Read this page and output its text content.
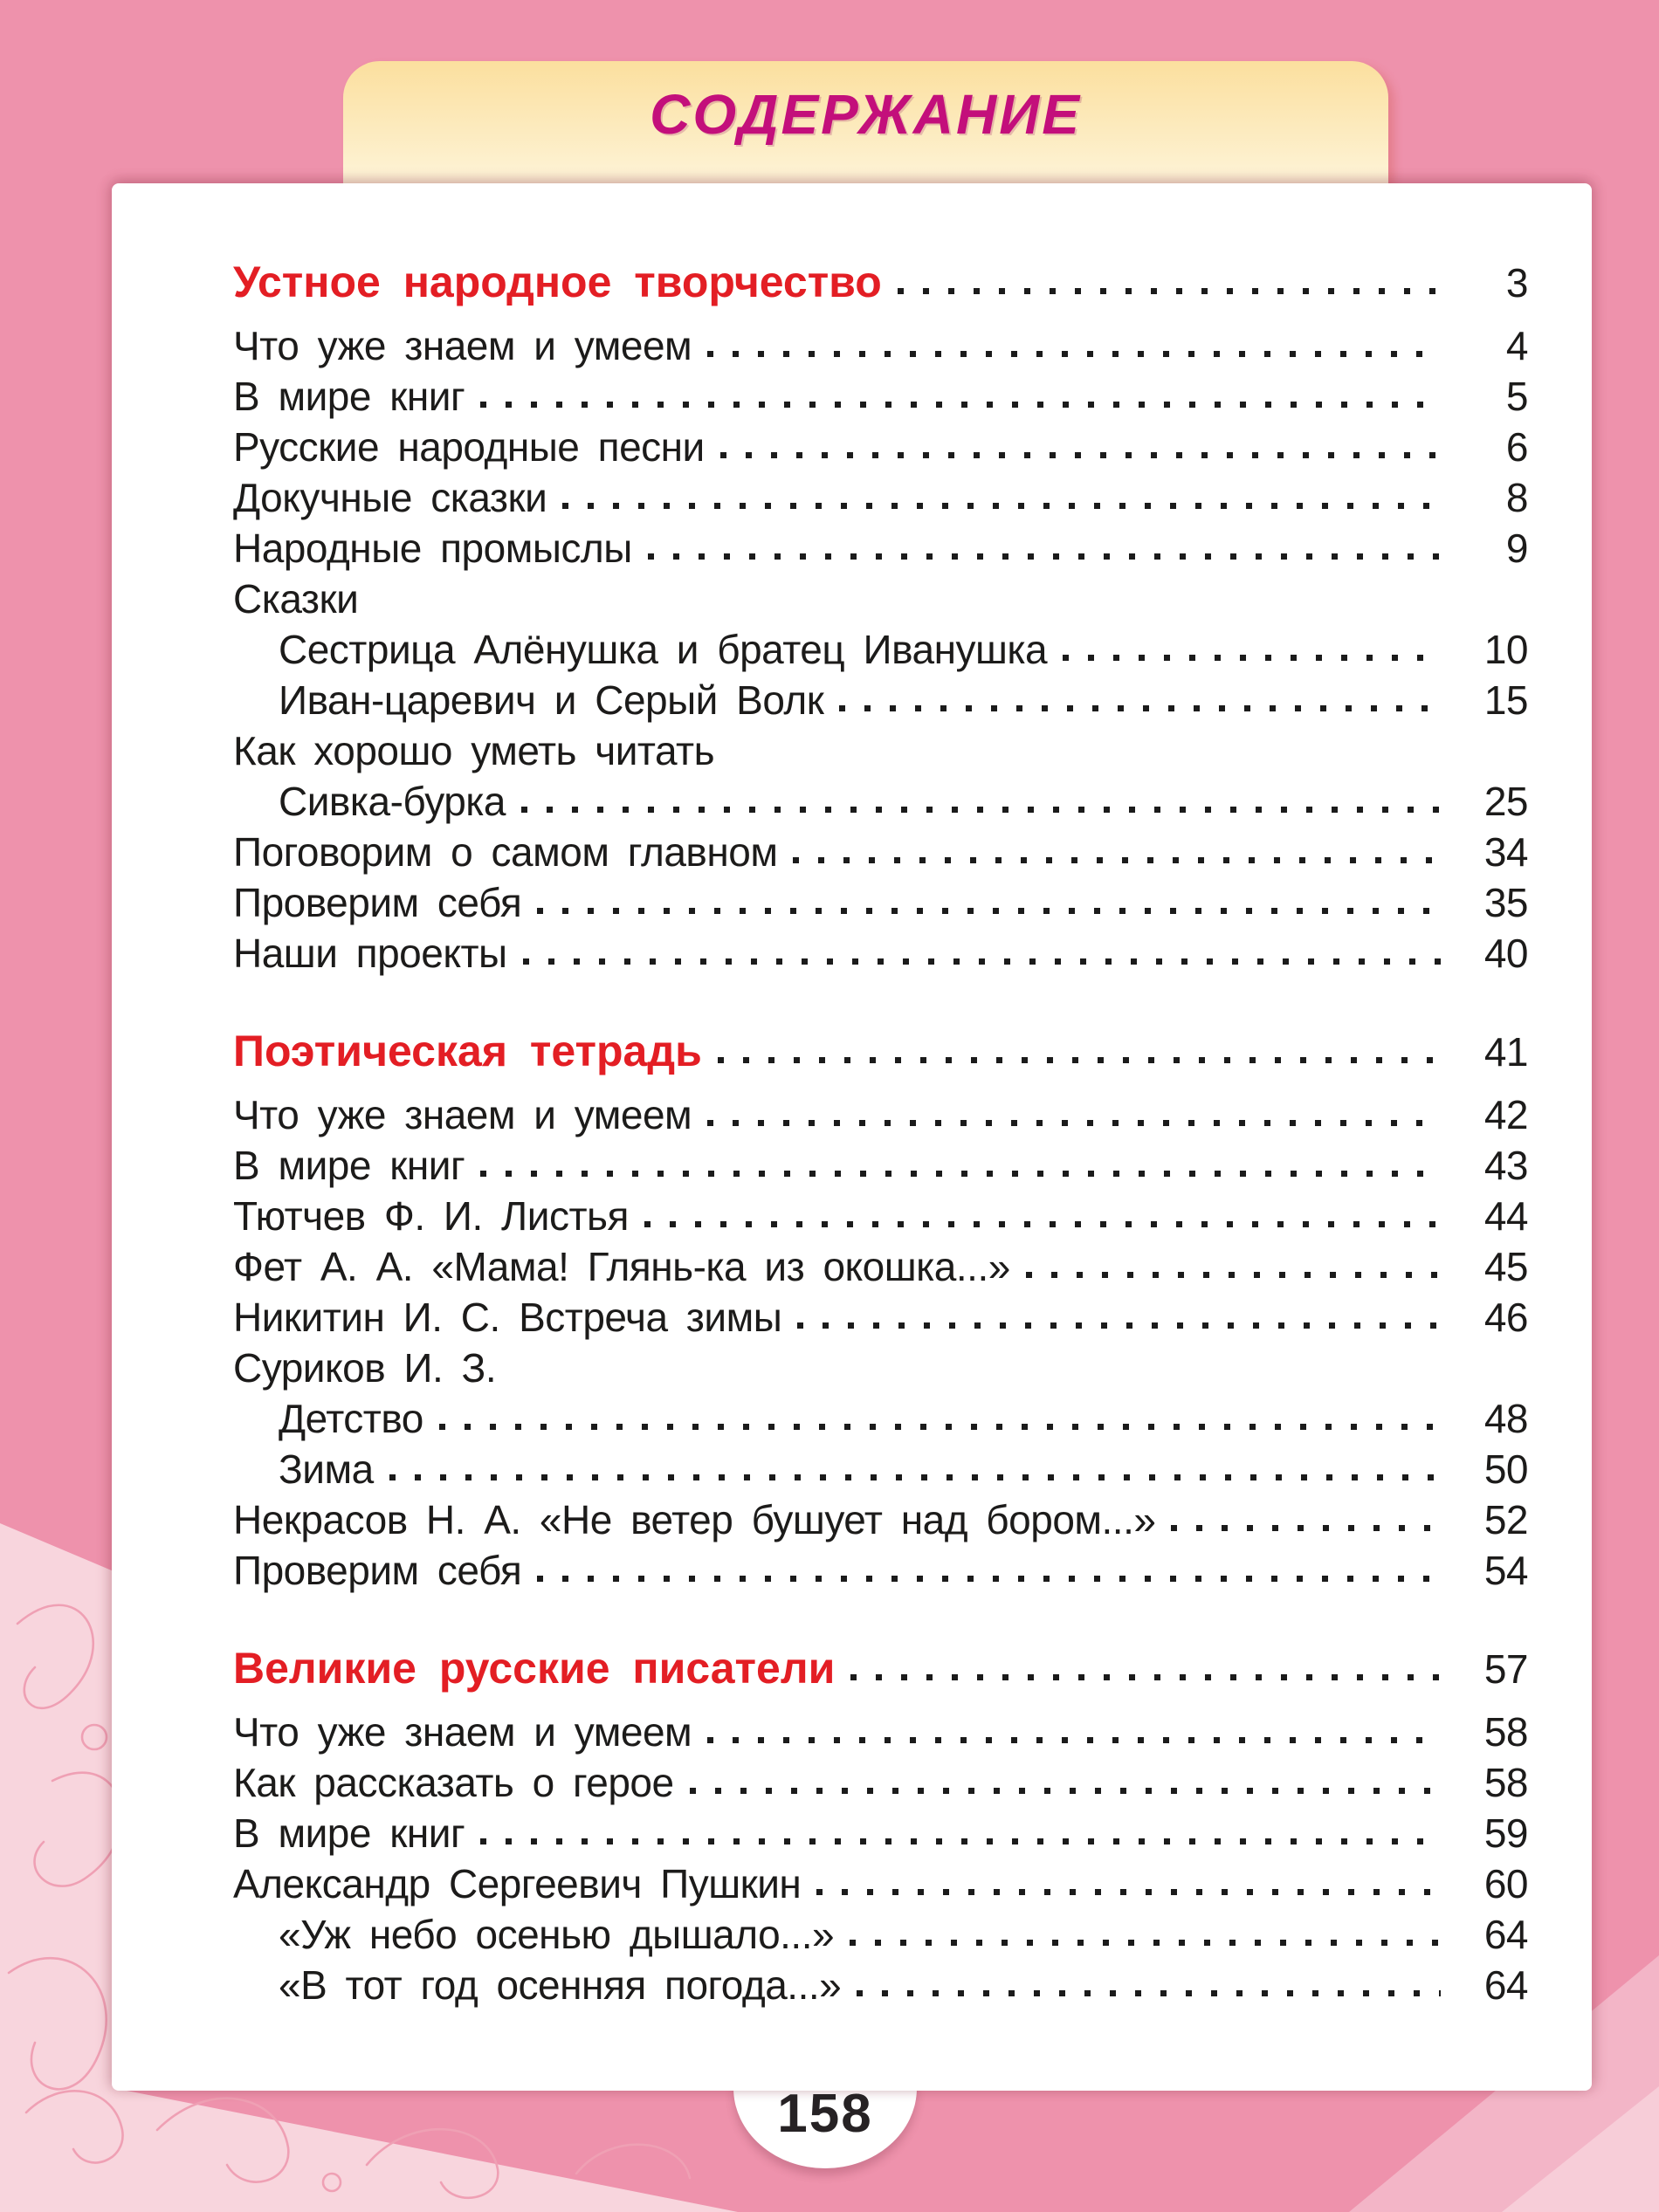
СОДЕРЖАНИЕ
Устное народное творчество	3
Что уже знаем и умеем	4
В мире книг	5
Русские народные песни	6
Докучные сказки	8
Народные промыслы	9
Сказки
Сестрица Алёнушка и братец Иванушка	10
Иван-царевич и Серый Волк	15
Как хорошо уметь читать
Сивка-бурка	25
Поговорим о самом главном	34
Проверим себя	35
Наши проекты	40
Поэтическая тетрадь	41
Что уже знаем и умеем	42
В мире книг	43
Тютчев Ф. И. Листья	44
Фет А. А. «Мама! Глянь-ка из окошка...»	45
Никитин И. С. Встреча зимы	46
Суриков И. З.
Детство	48
Зима	50
Некрасов Н. А. «Не ветер бушует над бором...»	52
Проверим себя	54
Великие русские писатели	57
Что уже знаем и умеем	58
Как рассказать о герое	58
В мире книг	59
Александр Сергеевич Пушкин	60
«Уж небо осенью дышало...»	64
«В тот год осенняя погода...»	64
158
